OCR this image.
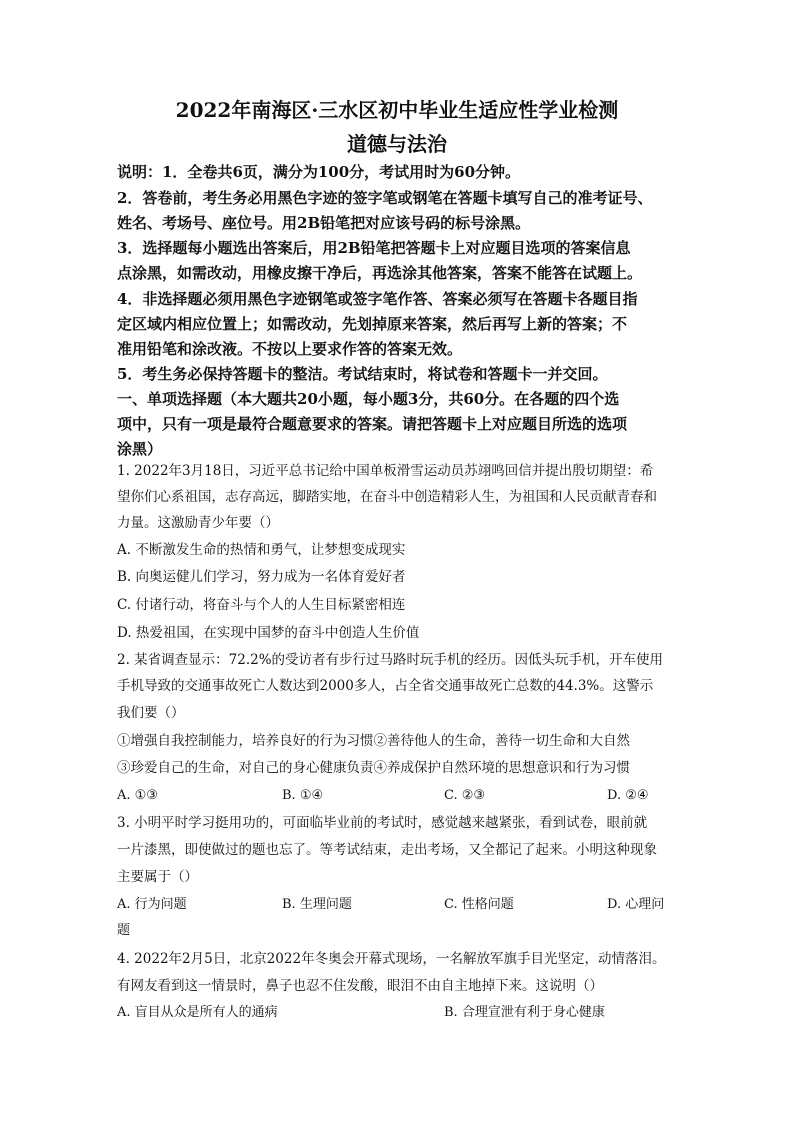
2022年南海区·三水区初中毕业生适应性学业检测
道德与法治
说明：1．全卷共6页，满分为100分，考试用时为60分钟。
2．答卷前，考生务必用黑色字迹的签字笔或钢笔在答题卡填写自己的准考证号、
姓名、考场号、座位号。用2B铅笔把对应该号码的标号涂黑。
3．选择题每小题选出答案后，用2B铅笔把答题卡上对应题目选项的答案信息
点涂黑，如需改动，用橡皮擦干净后，再选涂其他答案，答案不能答在试题上。
4．非选择题必须用黑色字迹钢笔或签字笔作答、答案必须写在答题卡各题目指
定区域内相应位置上；如需改动，先划掉原来答案，然后再写上新的答案；不
准用铅笔和涂改液。不按以上要求作答的答案无效。
5．考生务必保持答题卡的整洁。考试结束时，将试卷和答题卡一并交回。
一、单项选择题（本大题共20小题，每小题3分，共60分。在各题的四个选
项中，只有一项是最符合题意要求的答案。请把答题卡上对应题目所选的选项
涂黑）
1. 2022年3月18日，习近平总书记给中国单板滑雪运动员苏翊鸣回信并提出殷切期望：希
望你们心系祖国，志存高远，脚踏实地，在奋斗中创造精彩人生，为祖国和人民贡献青春和
力量。这激励青少年要（）
A. 不断激发生命的热情和勇气，让梦想变成现实
B. 向奥运健儿们学习，努力成为一名体育爱好者
C. 付诸行动，将奋斗与个人的人生目标紧密相连
D. 热爱祖国，在实现中国梦的奋斗中创造人生价值
2. 某省调查显示：72.2%的受访者有步行过马路时玩手机的经历。因低头玩手机，开车使用
手机导致的交通事故死亡人数达到2000多人，占全省交通事故死亡总数的44.3%。这警示
我们要（）
①增强自我控制能力，培养良好的行为习惯②善待他人的生命，善待一切生命和大自然
③珍爱自己的生命，对自己的身心健康负责④养成保护自然环境的思想意识和行为习惯
A. ①③	B. ①④	C. ②③	D. ②④
3. 小明平时学习挺用功的，可面临毕业前的考试时，感觉越来越紧张，看到试卷，眼前就
一片漆黑，即使做过的题也忘了。等考试结束，走出考场，又全都记了起来。小明这种现象
主要属于（）
A. 行为问题	B. 生理问题	C. 性格问题	D. 心理问
题
4. 2022年2月5日，北京2022年冬奥会开幕式现场，一名解放军旗手目光坚定，动情落泪。
有网友看到这一情景时，鼻子也忍不住发酸，眼泪不由自主地掉下来。这说明（）
A. 盲目从众是所有人的通病	B. 合理宣泄有利于身心健康
